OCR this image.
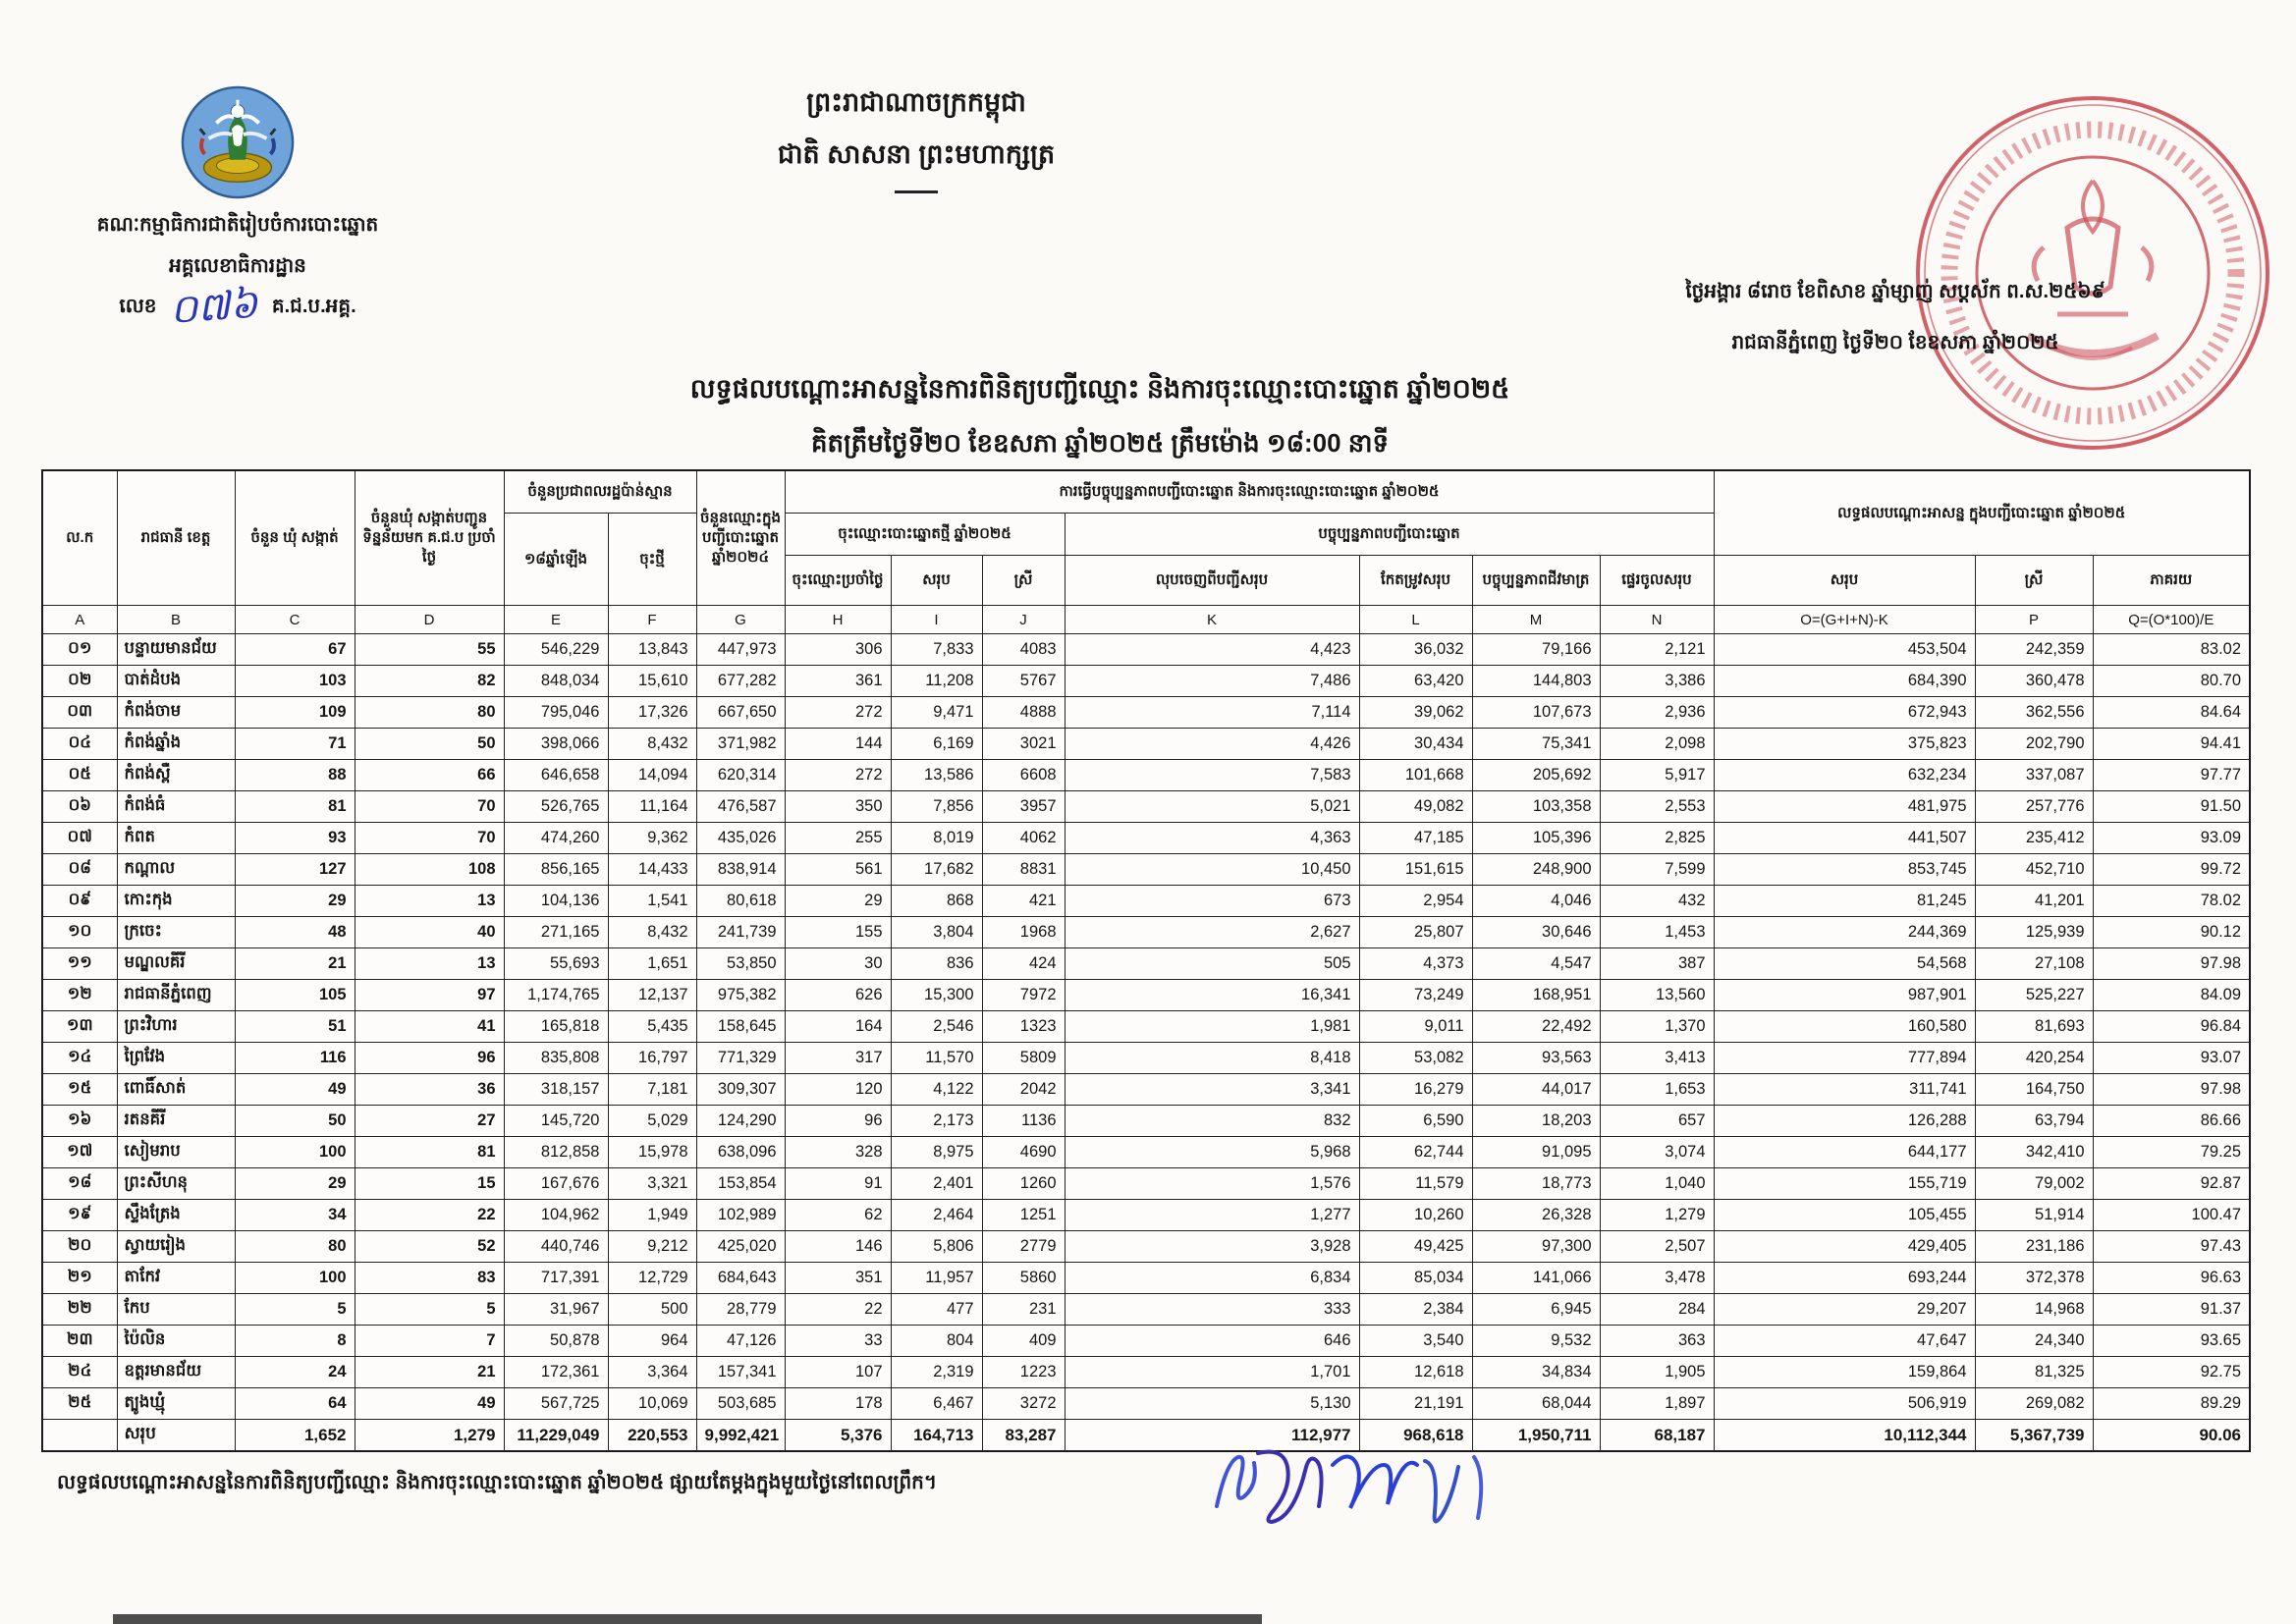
គណៈកម្មាធិការជាតិរៀបចំការបោះឆ្នោត
អគ្គលេខាធិការដ្ឋាន
លេខ ០៧៦ គ.ជ.ប.អគ្គ.
ព្រះរាជាណាចក្រកម្ពុជា
ជាតិ សាសនា ព្រះមហាក្សត្រ
ថ្ងៃអង្គារ ៨រោច ខែពិសាខ ឆ្នាំម្សាញ់ សប្តស័ក ព.ស.២៥៦៩
រាជធានីភ្នំពេញ ថ្ងៃទី២០ ខែឧសភា ឆ្នាំ២០២៥
លទ្ធផលបណ្តោះអាសន្ននៃការពិនិត្យបញ្ជីឈ្មោះ និងការចុះឈ្មោះបោះឆ្នោត ឆ្នាំ២០២៥
គិតត្រឹមថ្ងៃទី២០ ខែឧសភា ឆ្នាំ២០២៥ ត្រឹមម៉ោង ១៨:00 នាទី
ល.ក	រាជធានី ខេត្ត	ចំនួន ឃុំ សង្កាត់	ចំនួនឃុំ សង្កាត់បញ្ជូន ទិន្នន័យមក គ.ជ.ប ប្រចាំថ្ងៃ	ចំនួនប្រជាពលរដ្ឋប៉ាន់ស្មាន		ចំនួនឈ្មោះក្នុង បញ្ជីបោះឆ្នោត ឆ្នាំ២០២៤	ការធ្វើបច្ចុប្បន្នភាពបញ្ជីបោះឆ្នោត និងការចុះឈ្មោះបោះឆ្នោត ឆ្នាំ២០២៥							លទ្ធផលបណ្តោះអាសន្ន ក្នុងបញ្ជីបោះឆ្នោត ឆ្នាំ២០២៥		
				១៨ឆ្នាំឡើង	ចុះថ្មី		ចុះឈ្មោះបោះឆ្នោតថ្មី ឆ្នាំ២០២៥			បច្ចុប្បន្នភាពបញ្ជីបោះឆ្នោត						
							ចុះឈ្មោះប្រចាំថ្ងៃ	សរុប	ស្រី	លុបចេញពីបញ្ជីសរុប	កែតម្រូវសរុប	បច្ចុប្បន្នភាពជីវមាត្រ	ផ្ទេរចូលសរុប	សរុប	ស្រី	ភាគរយ
A	B	C	D	E	F	G	H	I	J	K	L	M	N	O=(G+I+N)-K	P	Q=(O*100)/E
០១	បន្ទាយមានជ័យ	67	55	546,229	13,843	447,973	306	7,833	4083	4,423	36,032	79,166	2,121	453,504	242,359	83.02
០២	បាត់ដំបង	103	82	848,034	15,610	677,282	361	11,208	5767	7,486	63,420	144,803	3,386	684,390	360,478	80.70
០៣	កំពង់ចាម	109	80	795,046	17,326	667,650	272	9,471	4888	7,114	39,062	107,673	2,936	672,943	362,556	84.64
០៤	កំពង់ឆ្នាំង	71	50	398,066	8,432	371,982	144	6,169	3021	4,426	30,434	75,341	2,098	375,823	202,790	94.41
០៥	កំពង់ស្ពឺ	88	66	646,658	14,094	620,314	272	13,586	6608	7,583	101,668	205,692	5,917	632,234	337,087	97.77
០៦	កំពង់ធំ	81	70	526,765	11,164	476,587	350	7,856	3957	5,021	49,082	103,358	2,553	481,975	257,776	91.50
០៧	កំពត	93	70	474,260	9,362	435,026	255	8,019	4062	4,363	47,185	105,396	2,825	441,507	235,412	93.09
០៨	កណ្តាល	127	108	856,165	14,433	838,914	561	17,682	8831	10,450	151,615	248,900	7,599	853,745	452,710	99.72
០៩	កោះកុង	29	13	104,136	1,541	80,618	29	868	421	673	2,954	4,046	432	81,245	41,201	78.02
១០	ក្រចេះ	48	40	271,165	8,432	241,739	155	3,804	1968	2,627	25,807	30,646	1,453	244,369	125,939	90.12
១១	មណ្ឌលគីរី	21	13	55,693	1,651	53,850	30	836	424	505	4,373	4,547	387	54,568	27,108	97.98
១២	រាជធានីភ្នំពេញ	105	97	1,174,765	12,137	975,382	626	15,300	7972	16,341	73,249	168,951	13,560	987,901	525,227	84.09
១៣	ព្រះវិហារ	51	41	165,818	5,435	158,645	164	2,546	1323	1,981	9,011	22,492	1,370	160,580	81,693	96.84
១៤	ព្រៃវែង	116	96	835,808	16,797	771,329	317	11,570	5809	8,418	53,082	93,563	3,413	777,894	420,254	93.07
១៥	ពោធិ៍សាត់	49	36	318,157	7,181	309,307	120	4,122	2042	3,341	16,279	44,017	1,653	311,741	164,750	97.98
១៦	រតនគីរី	50	27	145,720	5,029	124,290	96	2,173	1136	832	6,590	18,203	657	126,288	63,794	86.66
១៧	សៀមរាប	100	81	812,858	15,978	638,096	328	8,975	4690	5,968	62,744	91,095	3,074	644,177	342,410	79.25
១៨	ព្រះសីហនុ	29	15	167,676	3,321	153,854	91	2,401	1260	1,576	11,579	18,773	1,040	155,719	79,002	92.87
១៩	ស្ទឹងត្រែង	34	22	104,962	1,949	102,989	62	2,464	1251	1,277	10,260	26,328	1,279	105,455	51,914	100.47
២០	ស្វាយរៀង	80	52	440,746	9,212	425,020	146	5,806	2779	3,928	49,425	97,300	2,507	429,405	231,186	97.43
២១	តាកែវ	100	83	717,391	12,729	684,643	351	11,957	5860	6,834	85,034	141,066	3,478	693,244	372,378	96.63
២២	កែប	5	5	31,967	500	28,779	22	477	231	333	2,384	6,945	284	29,207	14,968	91.37
២៣	ប៉ៃលិន	8	7	50,878	964	47,126	33	804	409	646	3,540	9,532	363	47,647	24,340	93.65
២៤	ឧត្តរមានជ័យ	24	21	172,361	3,364	157,341	107	2,319	1223	1,701	12,618	34,834	1,905	159,864	81,325	92.75
២៥	ត្បូងឃ្មុំ	64	49	567,725	10,069	503,685	178	6,467	3272	5,130	21,191	68,044	1,897	506,919	269,082	89.29
	សរុប	1,652	1,279	11,229,049	220,553	9,992,421	5,376	164,713	83,287	112,977	968,618	1,950,711	68,187	10,112,344	5,367,739	90.06
លទ្ធផលបណ្តោះអាសន្ននៃការពិនិត្យបញ្ជីឈ្មោះ និងការចុះឈ្មោះបោះឆ្នោត ឆ្នាំ២០២៥ ផ្សាយតែម្តងក្នុងមួយថ្ងៃនៅពេលព្រឹក។
